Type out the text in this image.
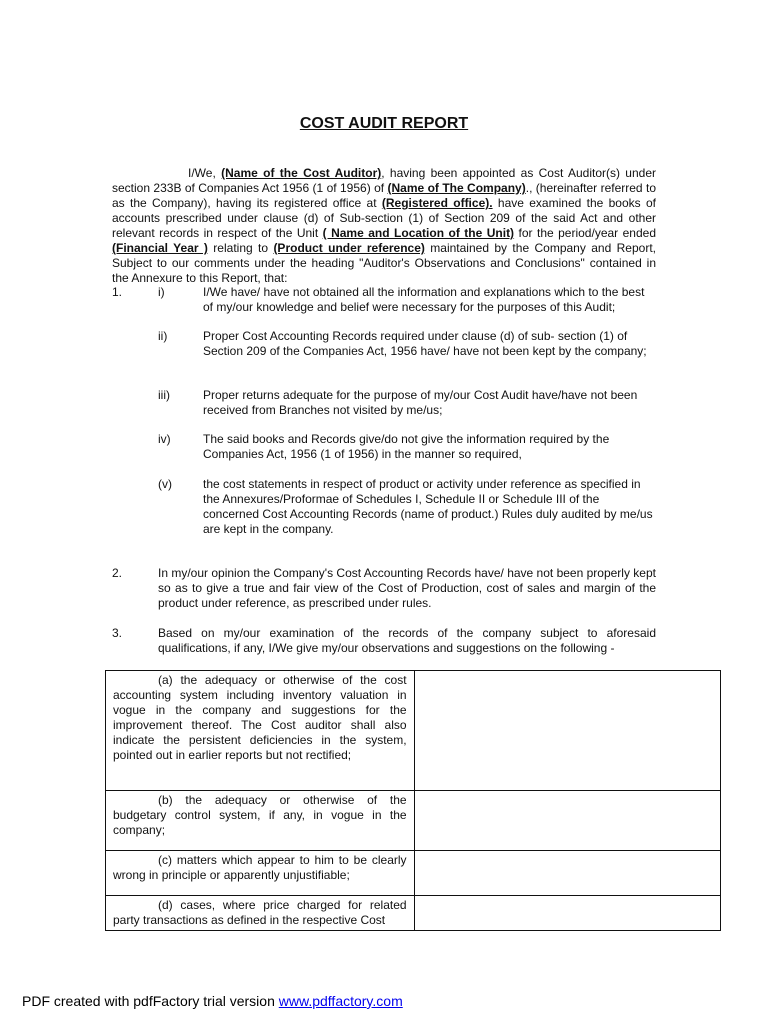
COST AUDIT REPORT

I/We, (Name of the Cost Auditor), having been appointed as Cost Auditor(s) under section 233B of Companies Act 1956 (1 of 1956) of (Name of The Company)., (hereinafter referred to as the Company), having its registered office at (Registered office). have examined the books of accounts prescribed under clause (d) of Sub-section (1) of Section 209 of the said Act and other relevant records in respect of the Unit ( Name and Location of the Unit) for the period/year ended (Financial Year ) relating to (Product under reference) maintained by the Company and Report, Subject to our comments under the heading "Auditor's Observations and Conclusions" contained in the Annexure to this Report, that:

1.	i)	I/We have/ have not obtained all the information and explanations which to the best of my/our knowledge and belief were necessary for the purposes of this Audit;
ii)	Proper Cost Accounting Records required under clause (d) of sub- section (1) of Section 209 of the Companies Act, 1956 have/ have not been kept by the company;
iii)	Proper returns adequate for the purpose of my/our Cost Audit have/have not been received from Branches not visited by me/us;
iv)	The said books and Records give/do not give the information required by the Companies Act, 1956 (1 of 1956) in the manner so required,
(v)	the cost statements in respect of product or activity under reference as specified in the Annexures/Proformae of Schedules I, Schedule II or Schedule III of the concerned Cost Accounting Records (name of product.) Rules duly audited by me/us are kept in the company.
2.	In my/our opinion the Company's Cost Accounting Records have/ have not been properly kept so as to give a true and fair view of the Cost of Production, cost of sales and margin of the product under reference, as prescribed under rules.
3.	Based on my/our examination of the records of the company subject to aforesaid qualifications, if any, I/We give my/our observations and suggestions on the following -
(a) the adequacy or otherwise of the cost accounting system including inventory valuation in vogue in the company and suggestions for the improvement thereof. The Cost auditor shall also indicate the persistent deficiencies in the system, pointed out in earlier reports but not rectified;	
(b) the adequacy or otherwise of the budgetary control system, if any, in vogue in the company;	
(c) matters which appear to him to be clearly wrong in principle or apparently unjustifiable;	
(d) cases, where price charged for related party transactions as defined in the respective Cost	
PDF created with pdfFactory trial version www.pdffactory.com
